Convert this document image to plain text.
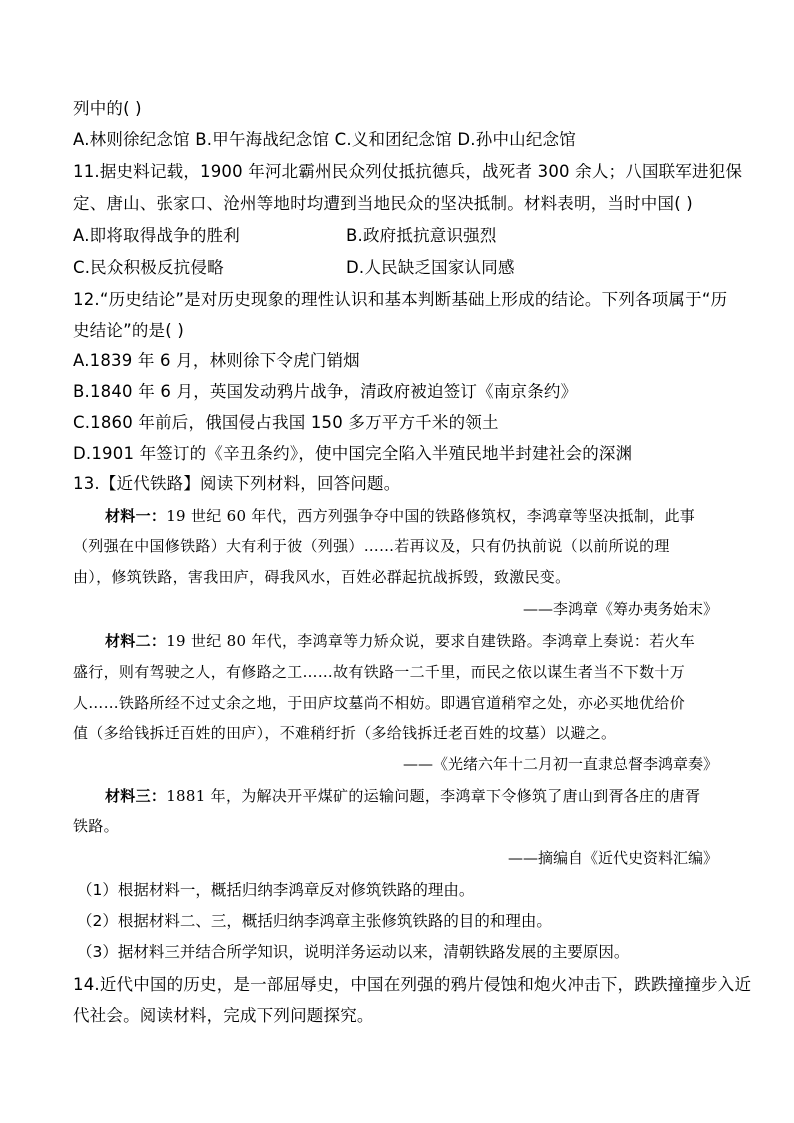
列中的( )
A.林则徐纪念馆 B.甲午海战纪念馆 C.义和团纪念馆 D.孙中山纪念馆
11.据史料记载，1900 年河北霸州民众列仗抵抗德兵，战死者 300 余人；八国联军进犯保
定、唐山、张家口、沧州等地时均遭到当地民众的坚决抵制。材料表明，当时中国( )
A.即将取得战争的胜利	B.政府抵抗意识强烈
C.民众积极反抗侵略	D.人民缺乏国家认同感
12.“历史结论”是对历史现象的理性认识和基本判断基础上形成的结论。下列各项属于“历
史结论”的是( )
A.1839 年 6 月，林则徐下令虎门销烟
B.1840 年 6 月，英国发动鸦片战争，清政府被迫签订《南京条约》
C.1860 年前后，俄国侵占我国 150 多万平方千米的领土
D.1901 年签订的《辛丑条约》，使中国完全陷入半殖民地半封建社会的深渊
13.【近代铁路】阅读下列材料，回答问题。
材料一：19 世纪 60 年代，西方列强争夺中国的铁路修筑权，李鸿章等坚决抵制，此事
（列强在中国修铁路）大有利于彼（列强）……若再议及，只有仍执前说（以前所说的理
由），修筑铁路，害我田庐，碍我风水，百姓必群起抗战拆毁，致激民变。
——李鸿章《筹办夷务始末》
材料二：19 世纪 80 年代，李鸿章等力矫众说，要求自建铁路。李鸿章上奏说：若火车
盛行，则有驾驶之人，有修路之工……故有铁路一二千里，而民之依以谋生者当不下数十万
人……铁路所经不过丈余之地，于田庐坟墓尚不相妨。即遇官道稍窄之处，亦必买地优给价
值（多给钱拆迁百姓的田庐），不难稍纡折（多给钱拆迁老百姓的坟墓）以避之。
——《光绪六年十二月初一直隶总督李鸿章奏》
材料三：1881 年，为解决开平煤矿的运输问题，李鸿章下令修筑了唐山到胥各庄的唐胥
铁路。
——摘编自《近代史资料汇编》
（1）根据材料一，概括归纳李鸿章反对修筑铁路的理由。
（2）根据材料二、三，概括归纳李鸿章主张修筑铁路的目的和理由。
（3）据材料三并结合所学知识，说明洋务运动以来，清朝铁路发展的主要原因。
14.近代中国的历史，是一部屈辱史，中国在列强的鸦片侵蚀和炮火冲击下，跌跌撞撞步入近
代社会。阅读材料，完成下列问题探究。
